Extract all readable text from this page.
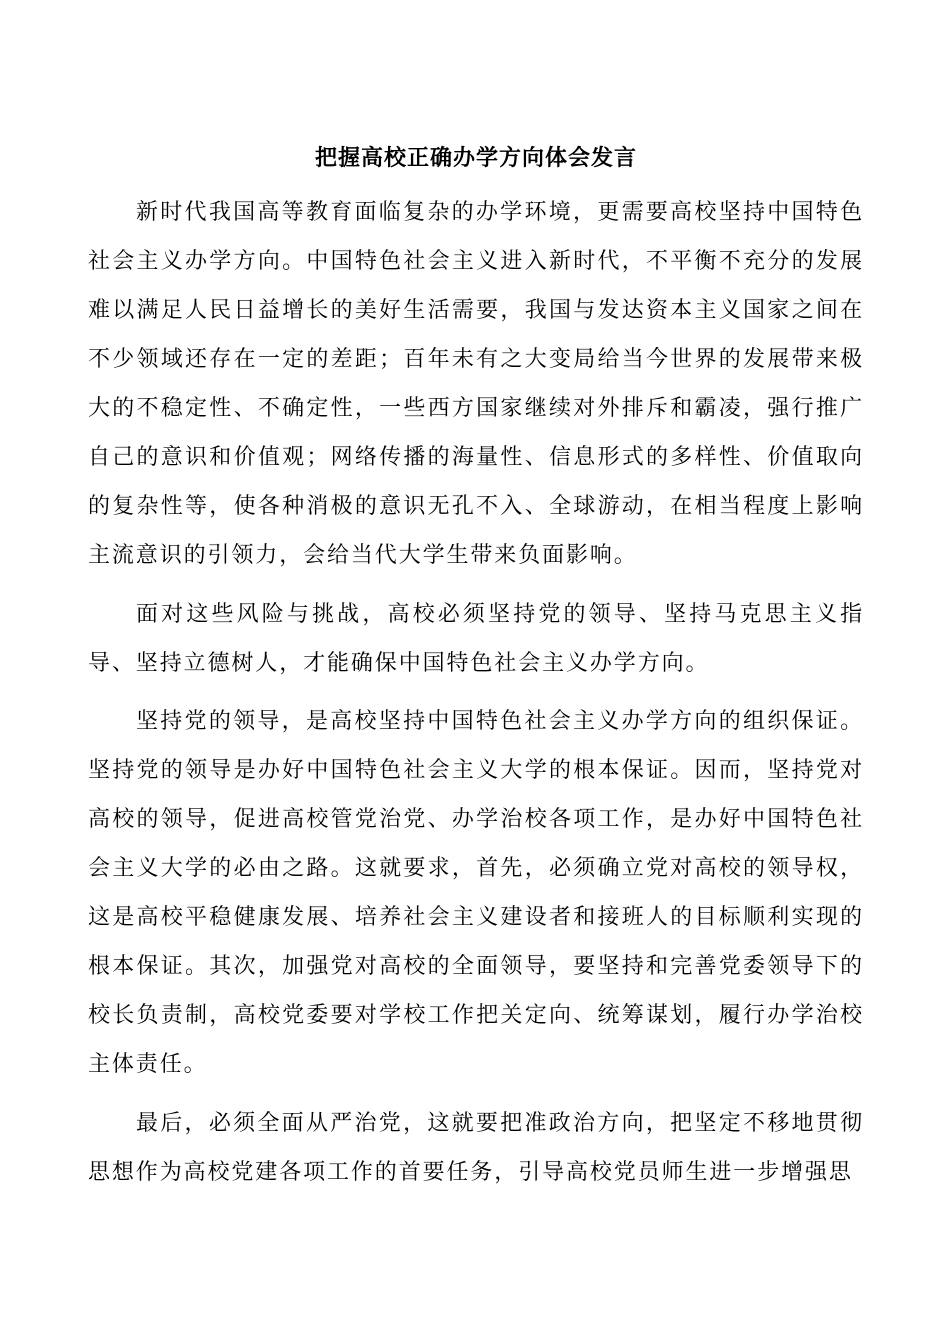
把握高校正确办学方向体会发言

新时代我国高等教育面临复杂的办学环境，更需要高校坚持中国特色社会主义办学方向。中国特色社会主义进入新时代，不平衡不充分的发展难以满足人民日益增长的美好生活需要，我国与发达资本主义国家之间在不少领域还存在一定的差距；百年未有之大变局给当今世界的发展带来极大的不稳定性、不确定性，一些西方国家继续对外排斥和霸凌，强行推广自己的意识和价值观；网络传播的海量性、信息形式的多样性、价值取向的复杂性等，使各种消极的意识无孔不入、全球游动，在相当程度上影响主流意识的引领力，会给当代大学生带来负面影响。

面对这些风险与挑战，高校必须坚持党的领导、坚持马克思主义指导、坚持立德树人，才能确保中国特色社会主义办学方向。

坚持党的领导，是高校坚持中国特色社会主义办学方向的组织保证。坚持党的领导是办好中国特色社会主义大学的根本保证。因而，坚持党对高校的领导，促进高校管党治党、办学治校各项工作，是办好中国特色社会主义大学的必由之路。这就要求，首先，必须确立党对高校的领导权，这是高校平稳健康发展、培养社会主义建设者和接班人的目标顺利实现的根本保证。其次，加强党对高校的全面领导，要坚持和完善党委领导下的校长负责制，高校党委要对学校工作把关定向、统筹谋划，履行办学治校主体责任。

最后，必须全面从严治党，这就要把准政治方向，把坚定不移地贯彻思想作为高校党建各项工作的首要任务，引导高校党员师生进一步增强思
